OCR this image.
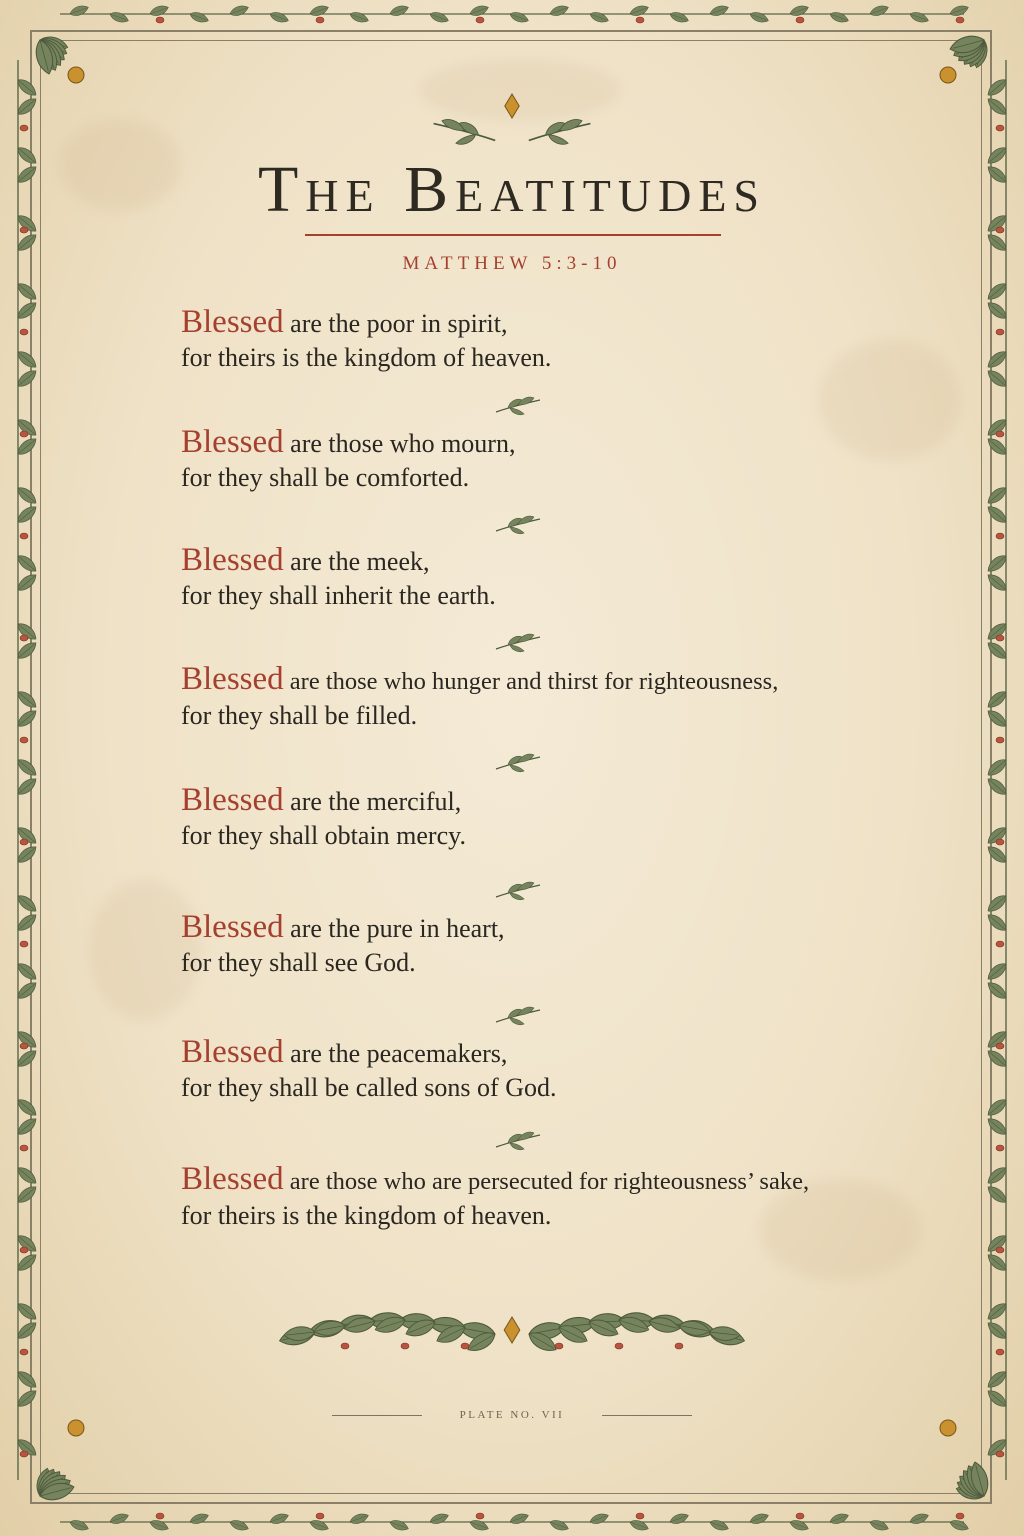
The Beatitudes
MATTHEW 5:3-10
Blessed are the poor in spirit,
for theirs is the kingdom of heaven.
Blessed are those who mourn,
for they shall be comforted.
Blessed are the meek,
for they shall inherit the earth.
Blessed are those who hunger and thirst for righteousness,
for they shall be filled.
Blessed are the merciful,
for they shall obtain mercy.
Blessed are the pure in heart,
for they shall see God.
Blessed are the peacemakers,
for they shall be called sons of God.
Blessed are those who are persecuted for righteousness’ sake,
for theirs is the kingdom of heaven.
PLATE NO. VII
